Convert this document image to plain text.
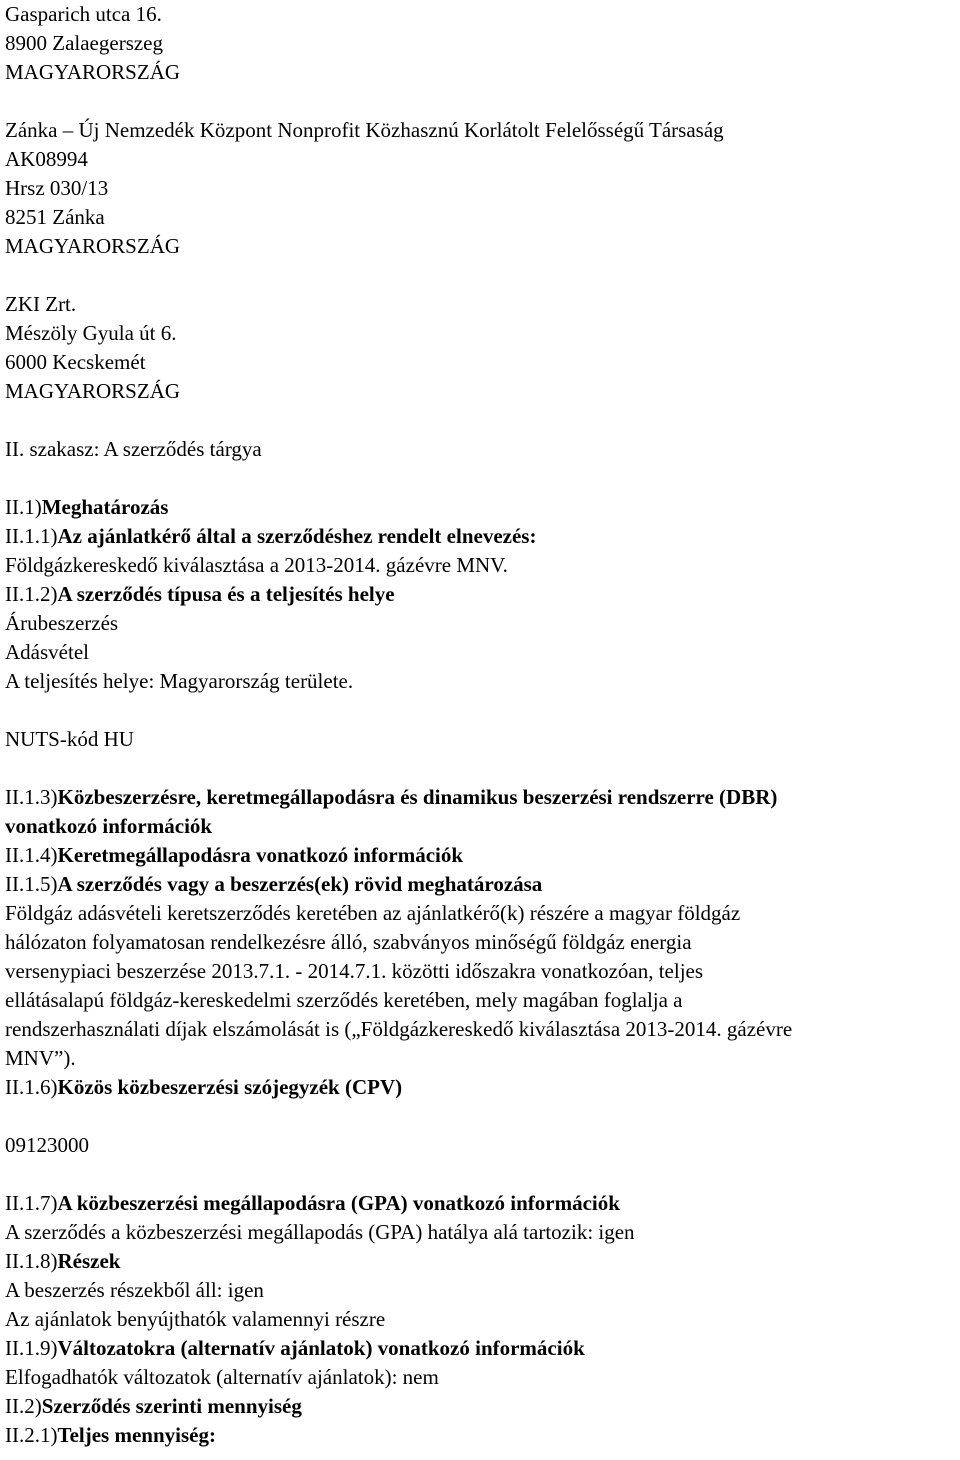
Gasparich utca 16.
8900 Zalaegerszeg
MAGYARORSZÁG
Zánka – Új Nemzedék Központ Nonprofit Közhasznú Korlátolt Felelősségű Társaság
AK08994
Hrsz 030/13
8251 Zánka
MAGYARORSZÁG
ZKI Zrt.
Mészöly Gyula út 6.
6000 Kecskemét
MAGYARORSZÁG
II. szakasz: A szerződés tárgya
II.1)Meghatározás
II.1.1)Az ajánlatkérő által a szerződéshez rendelt elnevezés:
Földgázkereskedő kiválasztása a 2013-2014. gázévre MNV.
II.1.2)A szerződés típusa és a teljesítés helye
Árubeszerzés
Adásvétel
A teljesítés helye: Magyarország területe.
NUTS-kód HU
II.1.3)Közbeszerzésre, keretmegállapodásra és dinamikus beszerzési rendszerre (DBR)
vonatkozó információk
II.1.4)Keretmegállapodásra vonatkozó információk
II.1.5)A szerződés vagy a beszerzés(ek) rövid meghatározása
Földgáz adásvételi keretszerződés keretében az ajánlatkérő(k) részére a magyar földgáz
hálózaton folyamatosan rendelkezésre álló, szabványos minőségű földgáz energia
versenypiaci beszerzése 2013.7.1. - 2014.7.1. közötti időszakra vonatkozóan, teljes
ellátásalapú földgáz-kereskedelmi szerződés keretében, mely magában foglalja a
rendszerhasználati díjak elszámolását is („Földgázkereskedő kiválasztása 2013-2014. gázévre
MNV”).
II.1.6)Közös közbeszerzési szójegyzék (CPV)
09123000
II.1.7)A közbeszerzési megállapodásra (GPA) vonatkozó információk
A szerződés a közbeszerzési megállapodás (GPA) hatálya alá tartozik: igen
II.1.8)Részek
A beszerzés részekből áll: igen
Az ajánlatok benyújthatók valamennyi részre
II.1.9)Változatokra (alternatív ajánlatok) vonatkozó információk
Elfogadhatók változatok (alternatív ajánlatok): nem
II.2)Szerződés szerinti mennyiség
II.2.1)Teljes mennyiség:
